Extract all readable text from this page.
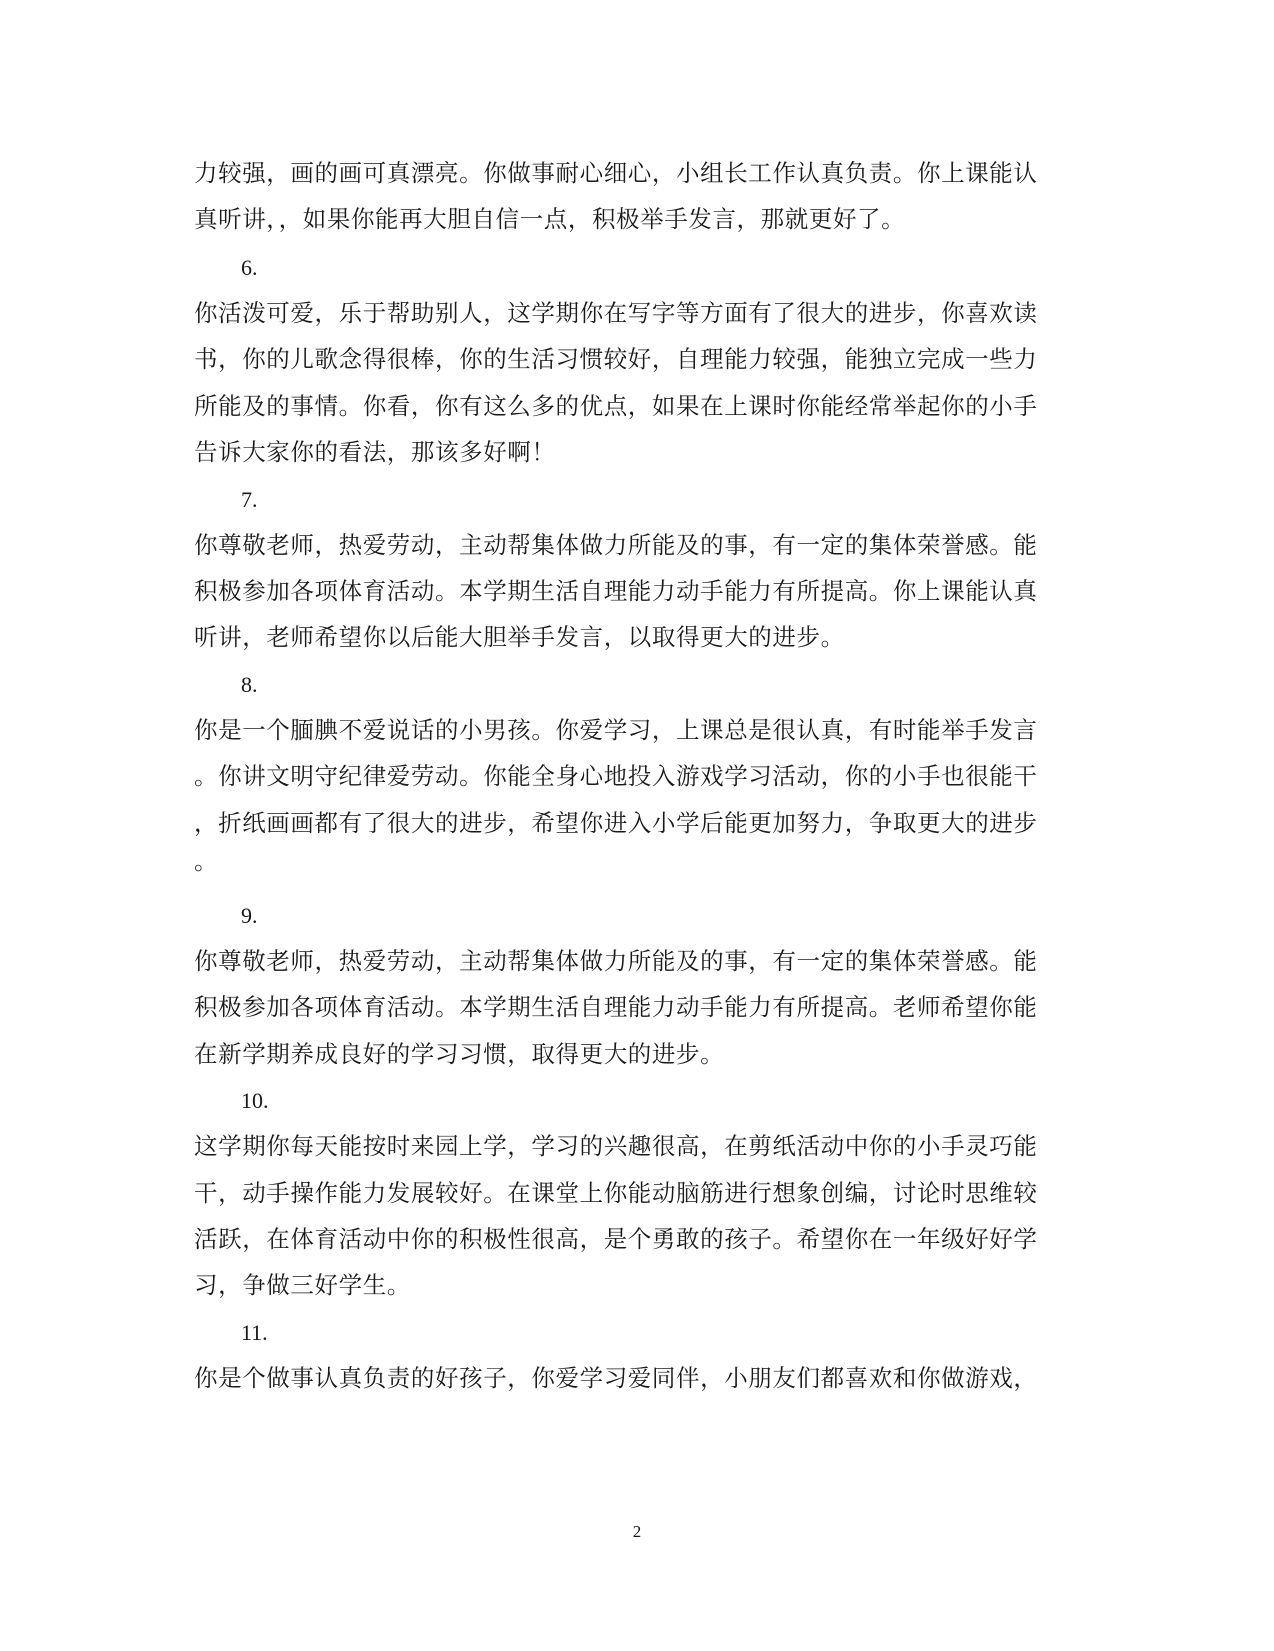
力较强，画的画可真漂亮。你做事耐心细心，小组长工作认真负责。你上课能认
真听讲，，如果你能再大胆自信一点，积极举手发言，那就更好了。
6.
你活泼可爱，乐于帮助别人，这学期你在写字等方面有了很大的进步，你喜欢读
书，你的儿歌念得很棒，你的生活习惯较好，自理能力较强，能独立完成一些力
所能及的事情。你看，你有这么多的优点，如果在上课时你能经常举起你的小手
告诉大家你的看法，那该多好啊！
7.
你尊敬老师，热爱劳动，主动帮集体做力所能及的事，有一定的集体荣誉感。能
积极参加各项体育活动。本学期生活自理能力动手能力有所提高。你上课能认真
听讲，老师希望你以后能大胆举手发言，以取得更大的进步。
8.
你是一个腼腆不爱说话的小男孩。你爱学习，上课总是很认真，有时能举手发言
。你讲文明守纪律爱劳动。你能全身心地投入游戏学习活动，你的小手也很能干
，折纸画画都有了很大的进步，希望你进入小学后能更加努力，争取更大的进步
。
9.
你尊敬老师，热爱劳动，主动帮集体做力所能及的事，有一定的集体荣誉感。能
积极参加各项体育活动。本学期生活自理能力动手能力有所提高。老师希望你能
在新学期养成良好的学习习惯，取得更大的进步。
10.
这学期你每天能按时来园上学，学习的兴趣很高，在剪纸活动中你的小手灵巧能
干，动手操作能力发展较好。在课堂上你能动脑筋进行想象创编，讨论时思维较
活跃，在体育活动中你的积极性很高，是个勇敢的孩子。希望你在一年级好好学
习，争做三好学生。
11.
你是个做事认真负责的好孩子，你爱学习爱同伴，小朋友们都喜欢和你做游戏，
2
